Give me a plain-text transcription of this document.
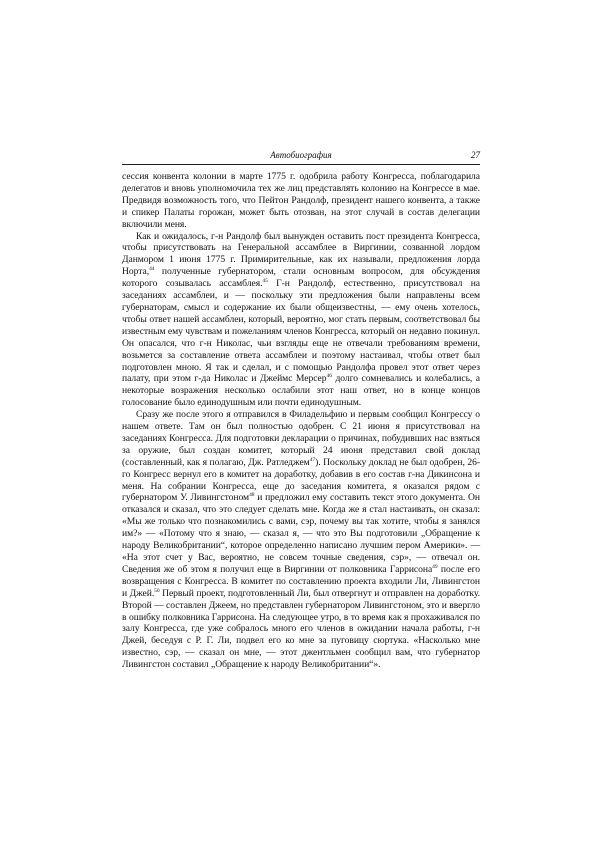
Автобиография	27

сессия конвента колонии в марте 1775 г. одобрила работу Конгресса, поблагодарила делегатов и вновь уполномочила тех же лиц представлять колонию на Конгрессе в мае. Предвидя возможность того, что Пейтон Рандолф, президент нашего конвента, а также и спикер Палаты горожан, может быть отозван, на этот случай в состав делегации включили меня.

Как и ожидалось, г-н Рандолф был вынужден оставить пост президента Конгресса, чтобы присутствовать на Генеральной ассамблее в Виргинии, созванной лордом Данмором 1 июня 1775 г. Примирительные, как их называли, предложения лорда Норта,$^{44}$ полученные губернатором, стали основным вопросом, для обсуждения которого созывалась ассамблея.$^{45}$ Г-н Рандолф, естественно, присутствовал на заседаниях ассамблеи, и — поскольку эти предложения были направлены всем губернаторам, смысл и содержание их были общеизвестны, — ему очень хотелось, чтобы ответ нашей ассамблеи, который, вероятно, мог стать первым, соответствовал бы известным ему чувствам и пожеланиям членов Конгресса, который он недавно покинул. Он опасался, что г-н Николас, чьи взгляды еще не отвечали требованиям времени, возьмется за составление ответа ассамблеи и поэтому настаивал, чтобы ответ был подготовлен мною. Я так и сделал, и с помощью Рандолфа провел этот ответ через палату, при этом г-да Николас и Джеймс Мерсер$^{46}$ долго сомневались и колебались, а некоторые возражения несколько ослабили этот наш ответ, но в конце концов голосование было единодушным или почти единодушным.

Сразу же после этого я отправился в Филадельфию и первым сообщил Конгрессу о нашем ответе. Там он был полностью одобрен. С 21 июня я присутствовал на заседаниях Конгресса. Для подготовки декларации о причинах, побудивших нас взяться за оружие, был создан комитет, который 24 июня представил свой доклад (составленный, как я полагаю, Дж. Ратледжем$^{47}$). Поскольку доклад не был одобрен, 26-го Конгресс вернул его в комитет на доработку, добавив в его состав г-на Дикинсона и меня. На собрании Конгресса, еще до заседания комитета, я оказался рядом с губернатором У. Ливингстоном$^{48}$ и предложил ему составить текст этого документа. Он отказался и сказал, что это следует сделать мне. Когда же я стал настаивать, он сказал: «Мы же только что познакомились с вами, сэр, почему вы так хотите, чтобы я занялся им?» — «Потому что я знаю, — сказал я, — что это Вы подготовили „Обращение к народу Великобритании“, которое определенно написано лучшим пером Америки». — «На этот счет у Вас, вероятно, не совсем точные сведения, сэр», — отвечал он. Сведения же об этом я получил еще в Виргинии от полковника Гаррисона$^{49}$ после его возвращения с Конгресса. В комитет по составлению проекта входили Ли, Ливингстон и Джей.$^{50}$ Первый проект, подготовленный Ли, был отвергнут и отправлен на доработку. Второй — составлен Джеем, но представлен губернатором Ливингстоном, это и ввергло в ошибку полковника Гаррисона. На следующее утро, в то время как я прохаживался по залу Конгресса, где уже собралось много его членов в ожидании начала работы, г-н Джей, беседуя с Р. Г. Ли, подвел его ко мне за пуговицу сюртука. «Насколько мне известно, сэр, — сказал он мне, — этот джентльмен сообщил вам, что губернатор Ливингстон составил „Обращение к народу Великобритании“».
